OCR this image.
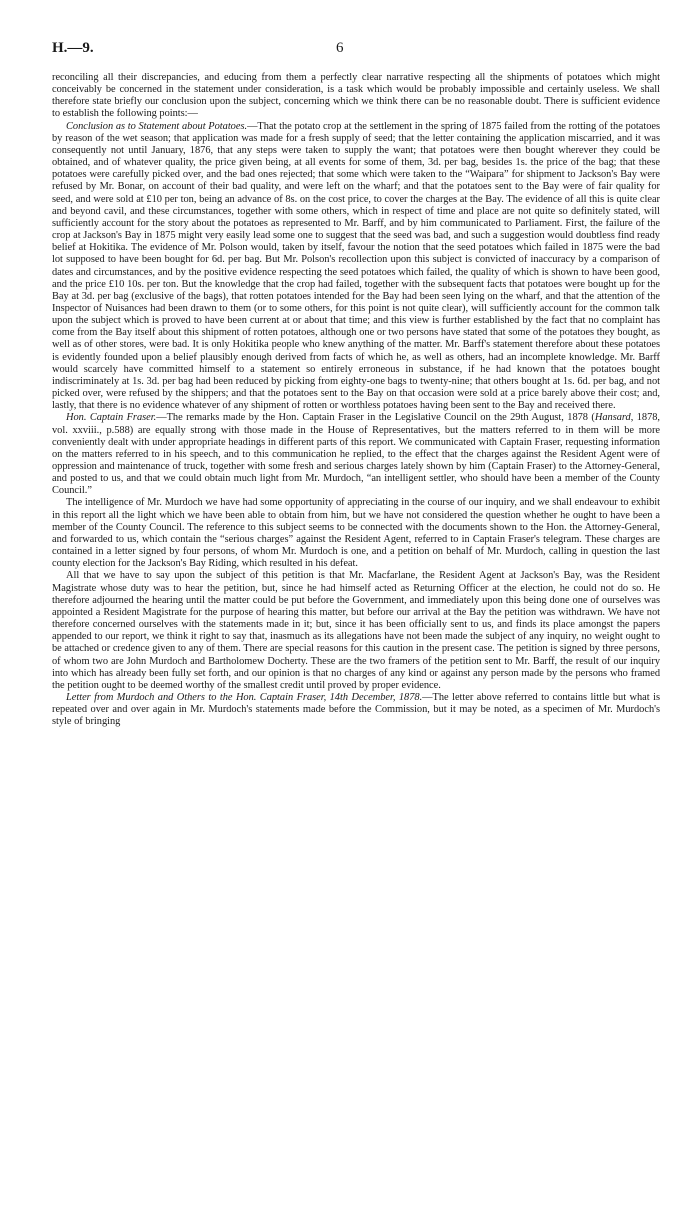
H.—9.	6

reconciling all their discrepancies, and educing from them a perfectly clear narrative respecting all the shipments of potatoes which might conceivably be concerned in the statement under consideration, is a task which would be probably impossible and certainly useless. We shall therefore state briefly our conclusion upon the subject, concerning which we think there can be no reasonable doubt. There is sufficient evidence to establish the following points:—

Conclusion as to Statement about Potatoes.—That the potato crop at the settlement in the spring of 1875 failed from the rotting of the potatoes by reason of the wet season; that application was made for a fresh supply of seed; that the letter containing the application miscarried, and it was consequently not until January, 1876, that any steps were taken to supply the want; that potatoes were then bought wherever they could be obtained, and of whatever quality, the price given being, at all events for some of them, 3d. per bag, besides 1s. the price of the bag; that these potatoes were carefully picked over, and the bad ones rejected; that some which were taken to the “Waipara” for shipment to Jackson's Bay were refused by Mr. Bonar, on account of their bad quality, and were left on the wharf; and that the potatoes sent to the Bay were of fair quality for seed, and were sold at £10 per ton, being an advance of 8s. on the cost price, to cover the charges at the Bay. The evidence of all this is quite clear and beyond cavil, and these circumstances, together with some others, which in respect of time and place are not quite so definitely stated, will sufficiently account for the story about the potatoes as represented to Mr. Barff, and by him communicated to Parliament. First, the failure of the crop at Jackson's Bay in 1875 might very easily lead some one to suggest that the seed was bad, and such a suggestion would doubtless find ready belief at Hokitika. The evidence of Mr. Polson would, taken by itself, favour the notion that the seed potatoes which failed in 1875 were the bad lot supposed to have been bought for 6d. per bag. But Mr. Polson's recollection upon this subject is convicted of inaccuracy by a comparison of dates and circumstances, and by the positive evidence respecting the seed potatoes which failed, the quality of which is shown to have been good, and the price £10 10s. per ton. But the knowledge that the crop had failed, together with the subsequent facts that potatoes were bought up for the Bay at 3d. per bag (exclusive of the bags), that rotten potatoes intended for the Bay had been seen lying on the wharf, and that the attention of the Inspector of Nuisances had been drawn to them (or to some others, for this point is not quite clear), will sufficiently account for the common talk upon the subject which is proved to have been current at or about that time; and this view is further established by the fact that no complaint has come from the Bay itself about this shipment of rotten potatoes, although one or two persons have stated that some of the potatoes they bought, as well as of other stores, were bad. It is only Hokitika people who knew anything of the matter. Mr. Barff's statement therefore about these potatoes is evidently founded upon a belief plausibly enough derived from facts of which he, as well as others, had an incomplete knowledge. Mr. Barff would scarcely have committed himself to a statement so entirely erroneous in substance, if he had known that the potatoes bought indiscriminately at 1s. 3d. per bag had been reduced by picking from eighty-one bags to twenty-nine; that others bought at 1s. 6d. per bag, and not picked over, were refused by the shippers; and that the potatoes sent to the Bay on that occasion were sold at a price barely above their cost; and, lastly, that there is no evidence whatever of any shipment of rotten or worthless potatoes having been sent to the Bay and received there.

Hon. Captain Fraser.—The remarks made by the Hon. Captain Fraser in the Legislative Council on the 29th August, 1878 (Hansard, 1878, vol. xxviii., p.588) are equally strong with those made in the House of Representatives, but the matters referred to in them will be more conveniently dealt with under appropriate headings in different parts of this report. We communicated with Captain Fraser, requesting information on the matters referred to in his speech, and to this communication he replied, to the effect that the charges against the Resident Agent were of oppression and maintenance of truck, together with some fresh and serious charges lately shown by him (Captain Fraser) to the Attorney-General, and posted to us, and that we could obtain much light from Mr. Murdoch, “an intelligent settler, who should have been a member of the County Council.”

The intelligence of Mr. Murdoch we have had some opportunity of appreciating in the course of our inquiry, and we shall endeavour to exhibit in this report all the light which we have been able to obtain from him, but we have not considered the question whether he ought to have been a member of the County Council. The reference to this subject seems to be connected with the documents shown to the Hon. the Attorney-General, and forwarded to us, which contain the “serious charges” against the Resident Agent, referred to in Captain Fraser's telegram. These charges are contained in a letter signed by four persons, of whom Mr. Murdoch is one, and a petition on behalf of Mr. Murdoch, calling in question the last county election for the Jackson's Bay Riding, which resulted in his defeat.

All that we have to say upon the subject of this petition is that Mr. Macfarlane, the Resident Agent at Jackson's Bay, was the Resident Magistrate whose duty was to hear the petition, but, since he had himself acted as Returning Officer at the election, he could not do so. He therefore adjourned the hearing until the matter could be put before the Government, and immediately upon this being done one of ourselves was appointed a Resident Magistrate for the purpose of hearing this matter, but before our arrival at the Bay the petition was withdrawn. We have not therefore concerned ourselves with the statements made in it; but, since it has been officially sent to us, and finds its place amongst the papers appended to our report, we think it right to say that, inasmuch as its allegations have not been made the subject of any inquiry, no weight ought to be attached or credence given to any of them. There are special reasons for this caution in the present case. The petition is signed by three persons, of whom two are John Murdoch and Bartholomew Docherty. These are the two framers of the petition sent to Mr. Barff, the result of our inquiry into which has already been fully set forth, and our opinion is that no charges of any kind or against any person made by the persons who framed the petition ought to be deemed worthy of the smallest credit until proved by proper evidence.

Letter from Murdoch and Others to the Hon. Captain Fraser, 14th December, 1878.—The letter above referred to contains little but what is repeated over and over again in Mr. Murdoch's statements made before the Commission, but it may be noted, as a specimen of Mr. Murdoch's style of bringing
